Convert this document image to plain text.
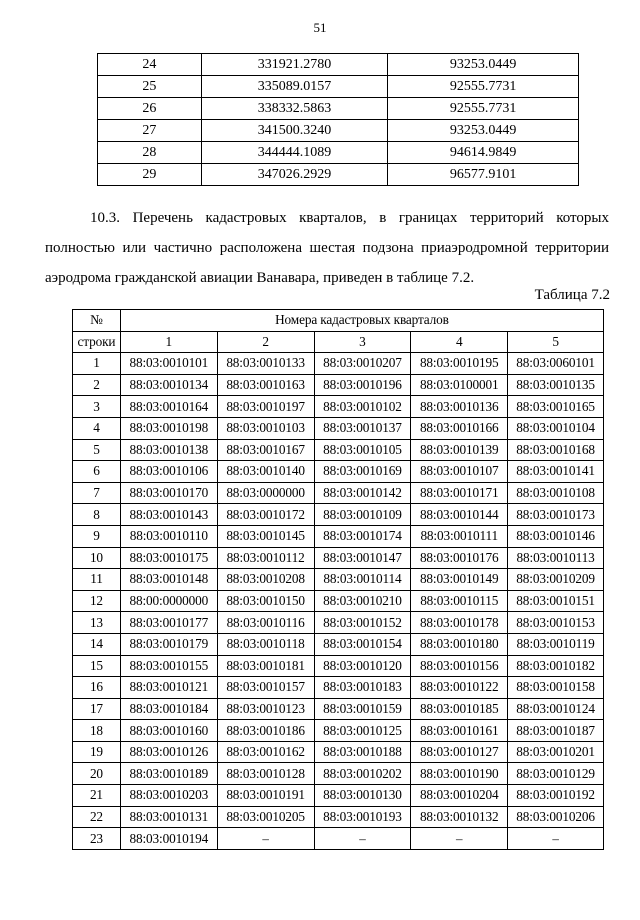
51
24	331921.2780	93253.0449
25	335089.0157	92555.7731
26	338332.5863	92555.7731
27	341500.3240	93253.0449
28	344444.1089	94614.9849
29	347026.2929	96577.9101
10.3. Перечень кадастровых кварталов, в границах территорий которых
полностью или частично расположена шестая подзона приаэродромной территории
аэродрома гражданской авиации Ванавара, приведен в таблице 7.2.
Таблица 7.2
№	Номера кадастровых кварталов				
строки	1	2	3	4	5
1	88:03:0010101	88:03:0010133	88:03:0010207	88:03:0010195	88:03:0060101
2	88:03:0010134	88:03:0010163	88:03:0010196	88:03:0100001	88:03:0010135
3	88:03:0010164	88:03:0010197	88:03:0010102	88:03:0010136	88:03:0010165
4	88:03:0010198	88:03:0010103	88:03:0010137	88:03:0010166	88:03:0010104
5	88:03:0010138	88:03:0010167	88:03:0010105	88:03:0010139	88:03:0010168
6	88:03:0010106	88:03:0010140	88:03:0010169	88:03:0010107	88:03:0010141
7	88:03:0010170	88:03:0000000	88:03:0010142	88:03:0010171	88:03:0010108
8	88:03:0010143	88:03:0010172	88:03:0010109	88:03:0010144	88:03:0010173
9	88:03:0010110	88:03:0010145	88:03:0010174	88:03:0010111	88:03:0010146
10	88:03:0010175	88:03:0010112	88:03:0010147	88:03:0010176	88:03:0010113
11	88:03:0010148	88:03:0010208	88:03:0010114	88:03:0010149	88:03:0010209
12	88:00:0000000	88:03:0010150	88:03:0010210	88:03:0010115	88:03:0010151
13	88:03:0010177	88:03:0010116	88:03:0010152	88:03:0010178	88:03:0010153
14	88:03:0010179	88:03:0010118	88:03:0010154	88:03:0010180	88:03:0010119
15	88:03:0010155	88:03:0010181	88:03:0010120	88:03:0010156	88:03:0010182
16	88:03:0010121	88:03:0010157	88:03:0010183	88:03:0010122	88:03:0010158
17	88:03:0010184	88:03:0010123	88:03:0010159	88:03:0010185	88:03:0010124
18	88:03:0010160	88:03:0010186	88:03:0010125	88:03:0010161	88:03:0010187
19	88:03:0010126	88:03:0010162	88:03:0010188	88:03:0010127	88:03:0010201
20	88:03:0010189	88:03:0010128	88:03:0010202	88:03:0010190	88:03:0010129
21	88:03:0010203	88:03:0010191	88:03:0010130	88:03:0010204	88:03:0010192
22	88:03:0010131	88:03:0010205	88:03:0010193	88:03:0010132	88:03:0010206
23	88:03:0010194	–	–	–	–
